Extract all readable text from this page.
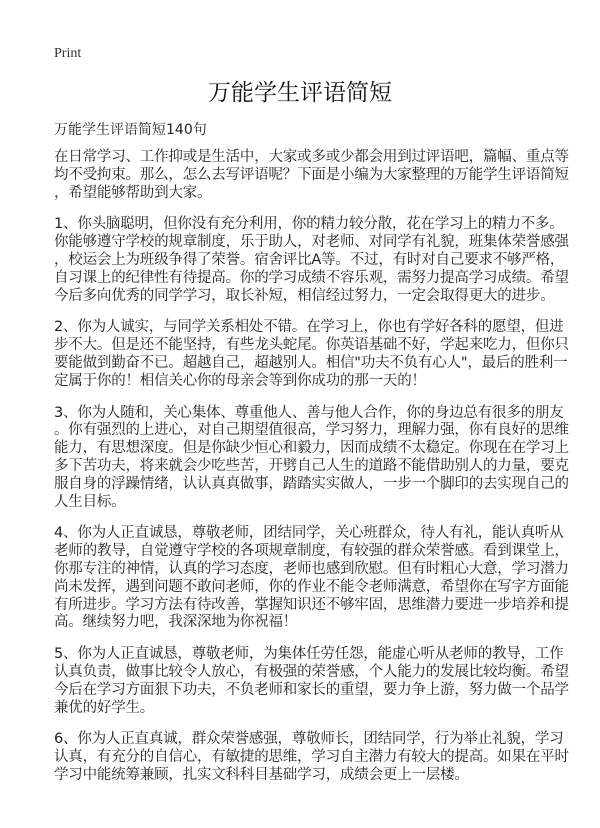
Print
万能学生评语简短
万能学生评语简短140句
在日常学习、工作抑或是生活中，大家或多或少都会用到过评语吧，篇幅、重点等
均不受拘束。那么，怎么去写评语呢？下面是小编为大家整理的万能学生评语简短
，希望能够帮助到大家。
1、你头脑聪明，但你没有充分利用，你的精力较分散，花在学习上的精力不多。
你能够遵守学校的规章制度，乐于助人，对老师、对同学有礼貌，班集体荣誉感强
，校运会上为班级争得了荣誉。宿舍评比A等。不过，有时对自己要求不够严格，
自习课上的纪律性有待提高。你的学习成绩不容乐观，需努力提高学习成绩。希望
今后多向优秀的同学学习，取长补短，相信经过努力，一定会取得更大的进步。
2、你为人诚实，与同学关系相处不错。在学习上，你也有学好各科的愿望，但进
步不大。但是还不能坚持，有些龙头蛇尾。你英语基础不好，学起来吃力，但你只
要能做到勤奋不已。超越自己，超越别人。相信"功夫不负有心人"，最后的胜利一
定属于你的！相信关心你的母亲会等到你成功的那一天的！
3、你为人随和，关心集体、尊重他人、善与他人合作，你的身边总有很多的朋友
。你有强烈的上进心，对自己期望值很高，学习努力，理解力强，你有良好的思维
能力，有思想深度。但是你缺少恒心和毅力，因而成绩不太稳定。你现在在学习上
多下苦功夫，将来就会少吃些苦，开劈自己人生的道路不能借助别人的力量，要克
服自身的浮躁情绪，认认真真做事，踏踏实实做人，一步一个脚印的去实现自己的
人生目标。
4、你为人正直诚恳，尊敬老师，团结同学，关心班群众，待人有礼，能认真听从
老师的教导，自觉遵守学校的各项规章制度，有较强的群众荣誉感。看到课堂上，
你那专注的神情，认真的学习态度，老师也感到欣慰。但有时粗心大意，学习潜力
尚未发挥，遇到问题不敢问老师，你的作业不能令老师满意，希望你在写字方面能
有所进步。学习方法有待改善，掌握知识还不够牢固，思维潜力要进一步培养和提
高。继续努力吧，我深深地为你祝福！
5、你为人正直诚恳，尊敬老师，为集体任劳任怨，能虚心听从老师的教导，工作
认真负责，做事比较令人放心，有极强的荣誉感，个人能力的发展比较均衡。希望
今后在学习方面狠下功夫，不负老师和家长的重望，要力争上游，努力做一个品学
兼优的好学生。
6、你为人正直真诚，群众荣誉感强，尊敬师长，团结同学，行为举止礼貌，学习
认真，有充分的自信心，有敏捷的思维，学习自主潜力有较大的提高。如果在平时
学习中能统筹兼顾，扎实文科科目基础学习，成绩会更上一层楼。
